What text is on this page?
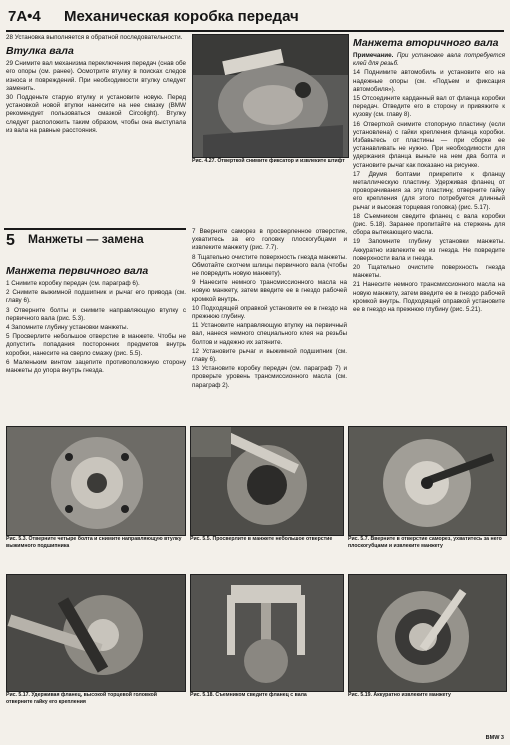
7A•4 Механическая коробка передач

28 Установка выполняется в обратной последовательности.

Втулка вала

29 Снимите вал механизма переключения передач (снав обе его опоры (см. ранее). Осмотрите втулку в поисках следов износа и повреждений. При необходимости втулку следует заменить.

30 Подденьте старую втулку и установите новую. Перед установкой новой втулки нанесите на нее смазку (BMW рекомендует пользоваться смазкой Circolight). Втулку следует расположить таким образом, чтобы она выступала из вала на равные расстояния.

5 Манжеты — замена
Манжета первичного вала

1 Снимите коробку передач (см. параграф 6).

2 Снимите выжимной подшипник и рычаг его привода (см. главу 6).

3 Отверните болты и снимите направляющую втулку с первичного вала (рис. 5.3).

4 Запомните глубину установки манжеты.

5 Просверлите небольшое отверстие в манжете. Чтобы не допустить попадания посторонних предметов внутрь коробки, нанесите на сверло смазку (рис. 5.5).

6 Маленьким винтом зацепите противоположную сторону манжеты до упора внутрь гнезда.

Рис. 4.27. Отверткой снимите фиксатор и извлеките штифт

7 Вверните саморез в просверленное отверстие, ухватитесь за его головку плоскогубцами и извлеките манжету (рис. 7.7).

8 Тщательно очистите поверхность гнезда манжеты. Обмотайте скотчем шлицы первичного вала (чтобы не повредить новую манжету).

9 Нанесите немного трансмиссионного масла на новую манжету, затем введите ее в гнездо рабочей кромкой внутрь.

10 Подходящей оправкой установите ее в гнездо на прежнюю глубину.

11 Установите направляющую втулку на первичный вал, нанеся немного специального клея на резьбы болтов и надежно их затяните.

12 Установите рычаг и выжимной подшипник (см. главу 6).

13 Установите коробку передач (см. параграф 7) и проверьте уровень трансмиссионного масла (см. параграф 2).

Манжета вторичного вала

Примечание. При установке вала потребуется клей для резьб.

14 Поднимите автомобиль и установите его на надежные опоры (см. «Подъем и фиксация автомобиля»).

15 Отсоедините карданный вал от фланца коробки передач. Отведите его в сторону и привяжите к кузову (см. главу 8).

16 Отверткой снимите стопорную пластину (если установлена) с гайки крепления фланца коробки. Избавьтесь от пластины — при сборке ее устанавливать не нужно. При необходимости для удержания фланца выньте на нем два болта и установите рычаг как показано на рисунке.

17 Двумя болтами прикрепите к фланцу металлическую пластину. Удерживая фланец от проворачивания за эту пластину, отверните гайку его крепления (для этого потребуется длинный рычаг и высокая торцевая головка) (рис. 5.17).

18 Съемником сведите фланец с вала коробки (рис. 5.18). Заранее пропитайте на стержень для сбора вытекающего масла.

19 Запомните глубину установки манжеты. Аккуратно извлеките ее из гнезда. Не повредите поверхности вала и гнезда.

20 Тщательно очистите поверхность гнезда манжеты.

21 Нанесите немного трансмиссионного масла на новую манжету, затем введите ее в гнездо рабочей кромкой внутрь. Подходящей оправкой установите ее в гнездо на прежнюю глубину (рис. 5.21).

Рис. 5.3. Отверните четыре болта и снимите направляющую втулку выжимного подшипника
Рис. 5.5. Просверлите в манжете небольшое отверстие	Рис. 5.7. Вверните в отверстие саморез, ухватитесь за него плоскогубцами и извлеките манжету
Рис. 5.17. Удерживая фланец, высокой торцевой головкой отверните гайку его крепления
Рис. 5.18. Съемником сведите фланец с вала	Рис. 5.19. Аккуратно извлеките манжету
BMW 3
